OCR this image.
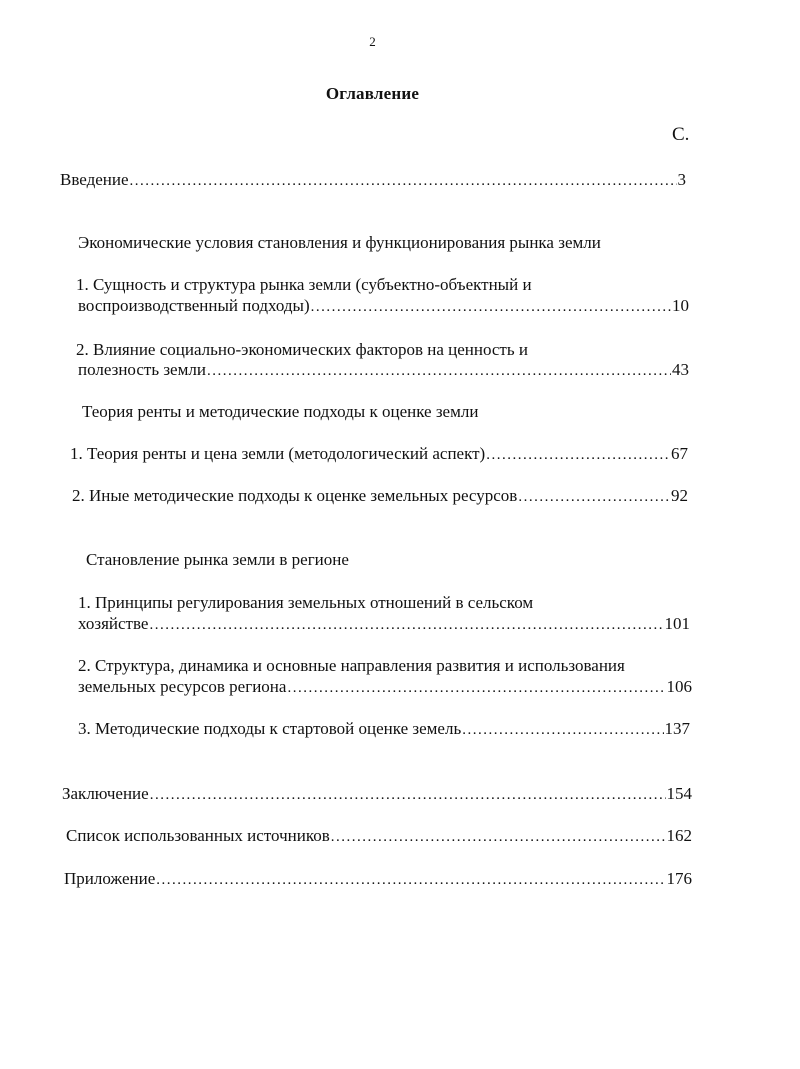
2
Оглавление
С.
Введение .....	3
Экономические условия становления и функционирования рынка земли
1. Сущность и структура рынка земли (субъектно-объектный и
воспроизводственный подходы) .....	10
2. Влияние социально-экономических факторов на ценность и
полезность земли .....	43
Теория ренты и методические подходы к оценке земли
1. Теория ренты и цена земли (методологический аспект) .....	67
2. Иные методические подходы к оценке земельных ресурсов .....	92
Становление рынка земли в регионе
1. Принципы регулирования земельных отношений в сельском
хозяйстве .....	101
2. Структура, динамика и основные направления развития и использования
земельных ресурсов региона .....	106
3. Методические подходы к стартовой оценке земель .....	137
Заключение .....	154
Список использованных источников .....	162
Приложение .....	176
